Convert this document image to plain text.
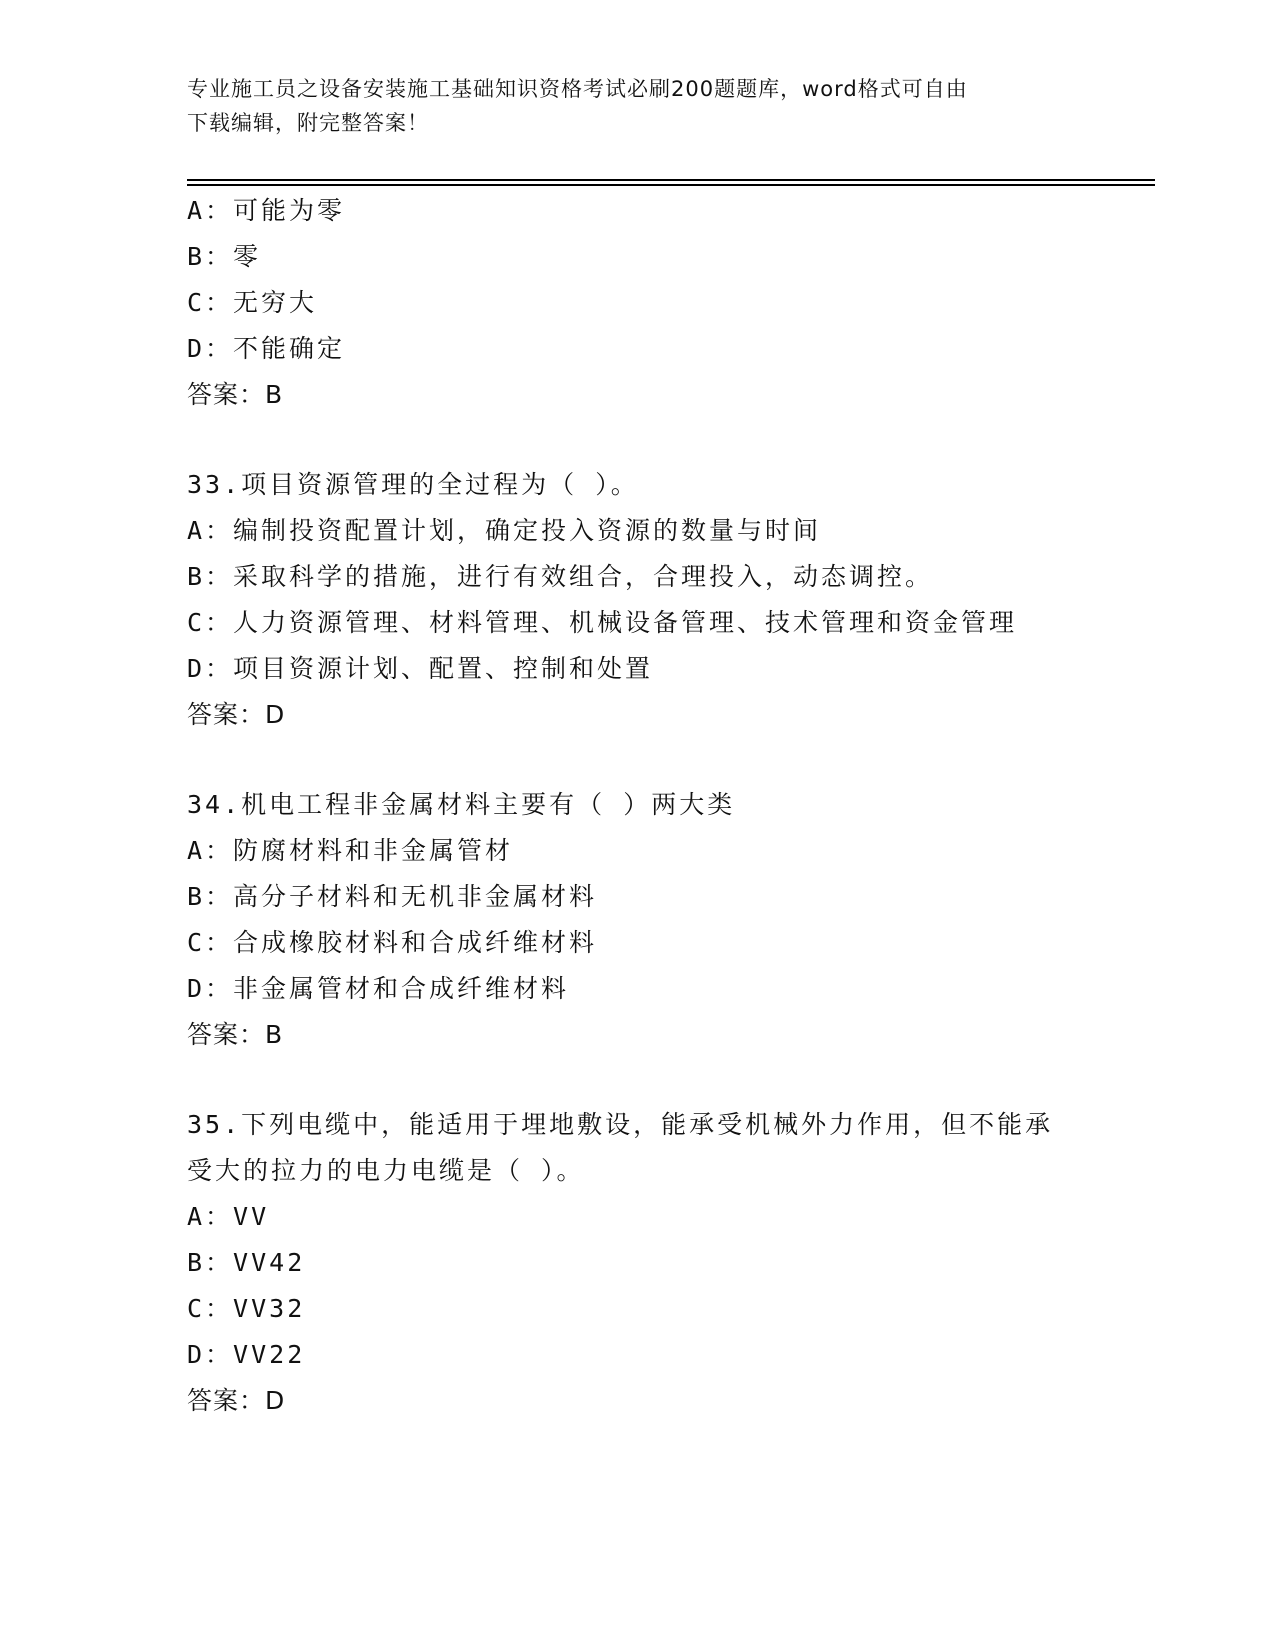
专业施工员之设备安装施工基础知识资格考试必刷200题题库，word格式可自由
下载编辑，附完整答案！
A：可能为零
B：零
C：无穷大
D：不能确定
答案：B
33.项目资源管理的全过程为（ ）。
A：编制投资配置计划，确定投入资源的数量与时间
B：采取科学的措施，进行有效组合，合理投入，动态调控。
C：人力资源管理、材料管理、机械设备管理、技术管理和资金管理
D：项目资源计划、配置、控制和处置
答案：D
34.机电工程非金属材料主要有（ ）两大类
A：防腐材料和非金属管材
B：高分子材料和无机非金属材料
C：合成橡胶材料和合成纤维材料
D：非金属管材和合成纤维材料
答案：B
35.下列电缆中，能适用于埋地敷设，能承受机械外力作用，但不能承
受大的拉力的电力电缆是（ ）。
A：VV
B：VV42
C：VV32
D：VV22
答案：D
